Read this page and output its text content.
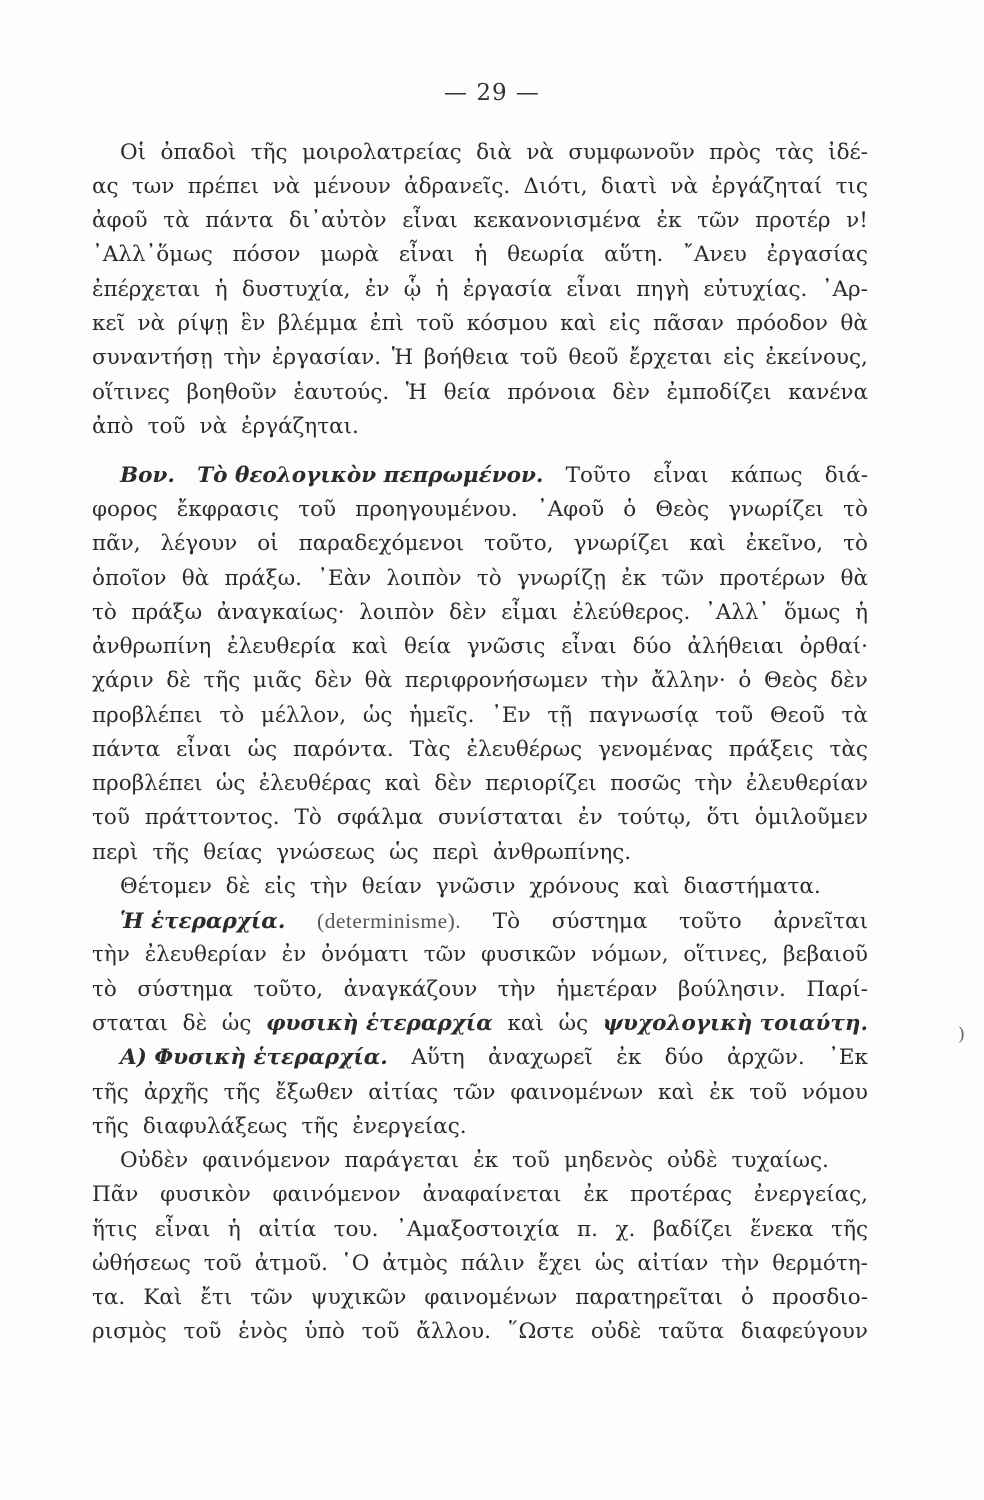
— 29 —
Οἱ ὀπαδοὶ τῆς μοιρολατρείας διὰ νὰ συμφωνοῦν πρὸς τὰς ἰδέ-
ας των πρέπει νὰ μένουν ἀδρανεῖς. Διότι, διατὶ νὰ ἐργάζηταί τις
ἀφοῦ τὰ πάντα δι᾽αὐτὸν εἶναι κεκανονισμένα ἐκ τῶν προτέρ ν!
᾽Αλλ᾽ὅμως πόσον μωρὰ εἶναι ἡ θεωρία αὕτη. ῎Ανευ ἐργασίας
ἐπέρχεται ἡ δυστυχία, ἐν ᾧ ἡ ἐργασία εἶναι πηγὴ εὐτυχίας. ᾽Αρ-
κεῖ νὰ ρίψῃ ἓν βλέμμα ἐπὶ τοῦ κόσμου καὶ εἰς πᾶσαν πρόοδον θὰ
συναντήσῃ τὴν ἐργασίαν. Ἡ βοήθεια τοῦ θεοῦ ἔρχεται εἰς ἐκείνους,
οἵτινες βοηθοῦν ἑαυτούς. Ἡ θεία πρόνοια δὲν ἐμποδίζει κανένα
ἀπὸ τοῦ νὰ ἐργάζηται.
Βον. Τὸ θεολογικὸν πεπρωμένον. Τοῦτο εἶναι κάπως διά-
φορος ἔκφρασις τοῦ προηγουμένου. ᾽Αφοῦ ὁ Θεὸς γνωρίζει τὸ
πᾶν, λέγουν οἱ παραδεχόμενοι τοῦτο, γνωρίζει καὶ ἐκεῖνο, τὸ
ὁποῖον θὰ πράξω. ᾽Εὰν λοιπὸν τὸ γνωρίζῃ ἐκ τῶν προτέρων θὰ
τὸ πράξω ἀναγκαίως· λοιπὸν δὲν εἶμαι ἐλεύθερος. ᾽Αλλ᾽ ὅμως ἡ
ἀνθρωπίνη ἐλευθερία καὶ θεία γνῶσις εἶναι δύο ἀλήθειαι ὀρθαί·
χάριν δὲ τῆς μιᾶς δὲν θὰ περιφρονήσωμεν τὴν ἄλλην· ὁ Θεὸς δὲν
προβλέπει τὸ μέλλον, ὡς ἡμεῖς. ᾽Εν τῇ παγνωσίᾳ τοῦ Θεοῦ τὰ
πάντα εἶναι ὡς παρόντα. Τὰς ἐλευθέρως γενομένας πράξεις τὰς
προβλέπει ὡς ἐλευθέρας καὶ δὲν περιορίζει ποσῶς τὴν ἐλευθερίαν
τοῦ πράττοντος. Τὸ σφάλμα συνίσταται ἐν τούτῳ, ὅτι ὁμιλοῦμεν
περὶ τῆς θείας γνώσεως ὡς περὶ ἀνθρωπίνης.
Θέτομεν δὲ εἰς τὴν θείαν γνῶσιν χρόνους καὶ διαστήματα.
Ἡ ἑτεραρχία. (determinisme). Τὸ σύστημα τοῦτο ἀρνεῖται
τὴν ἐλευθερίαν ἐν ὀνόματι τῶν φυσικῶν νόμων, οἵτινες, βεβαιοῦ
τὸ σύστημα τοῦτο, ἀναγκάζουν τὴν ἡμετέραν βούλησιν. Παρί-
σταται δὲ ὡς φυσικὴ ἑτεραρχία καὶ ὡς ψυχολογικὴ τοιαύτη.
Α) Φυσικὴ ἑτεραρχία. Αὕτη ἀναχωρεῖ ἐκ δύο ἀρχῶν. ᾽Εκ
τῆς ἀρχῆς τῆς ἔξωθεν αἰτίας τῶν φαινομένων καὶ ἐκ τοῦ νόμου
τῆς διαφυλάξεως τῆς ἐνεργείας.
Οὐδὲν φαινόμενον παράγεται ἐκ τοῦ μηδενὸς οὐδὲ τυχαίως.
Πᾶν φυσικὸν φαινόμενον ἀναφαίνεται ἐκ προτέρας ἐνεργείας,
ἥτις εἶναι ἡ αἰτία του. ᾽Αμαξοστοιχία π. χ. βαδίζει ἕνεκα τῆς
ὠθήσεως τοῦ ἀτμοῦ. ῾Ο ἀτμὸς πάλιν ἔχει ὡς αἰτίαν τὴν θερμότη-
τα. Καὶ ἔτι τῶν ψυχικῶν φαινομένων παρατηρεῖται ὁ προσδιο-
ρισμὸς τοῦ ἑνὸς ὑπὸ τοῦ ἄλλου. ῞Ωστε οὐδὲ ταῦτα διαφεύγουν
)
